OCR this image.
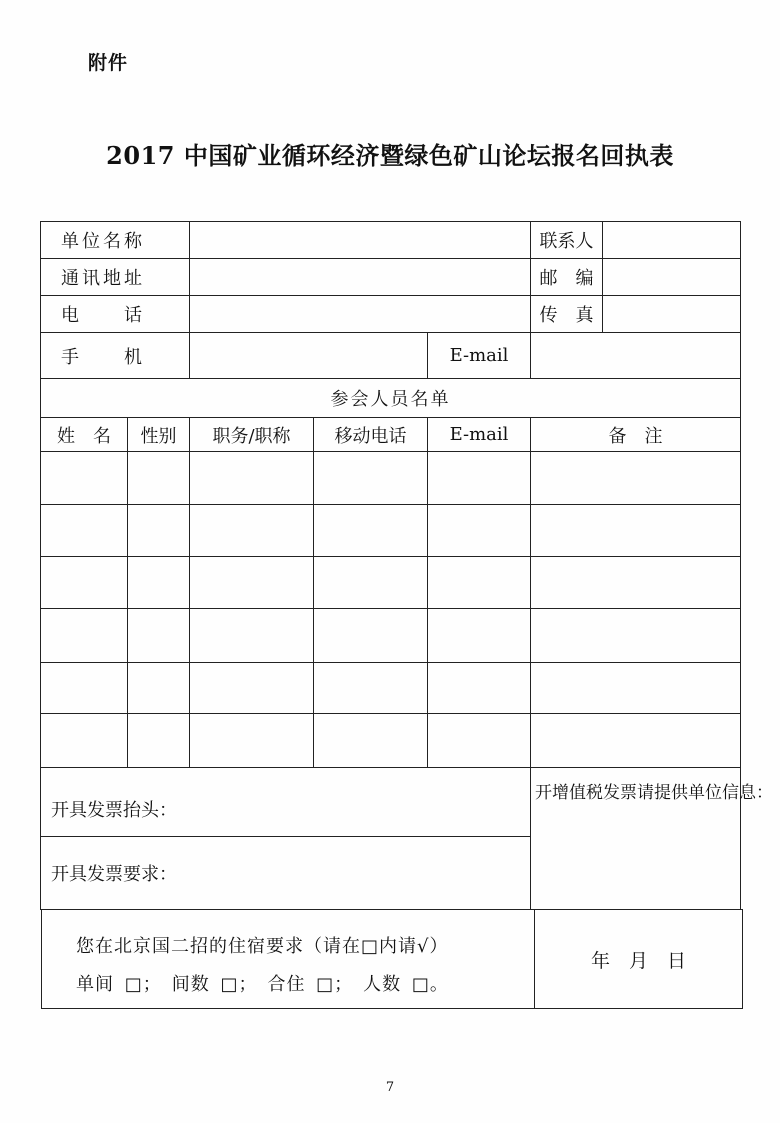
附件
2017 中国矿业循环经济暨绿色矿山论坛报名回执表
单位名称					联系人	
通讯地址					邮　编	
电　　话					传　真	
手　　机				E-mail		
参会人员名单						
姓　名	性别	职务/职称	移动电话	E-mail	备　注	

开具发票抬头：					开增值税发票请提供单位信息：	
开具发票要求：						
您在北京国二招的住宿要求（请在□内请√）
单间 □；　间数 □；　合住 □；　人数 □。
年　月　日
7
